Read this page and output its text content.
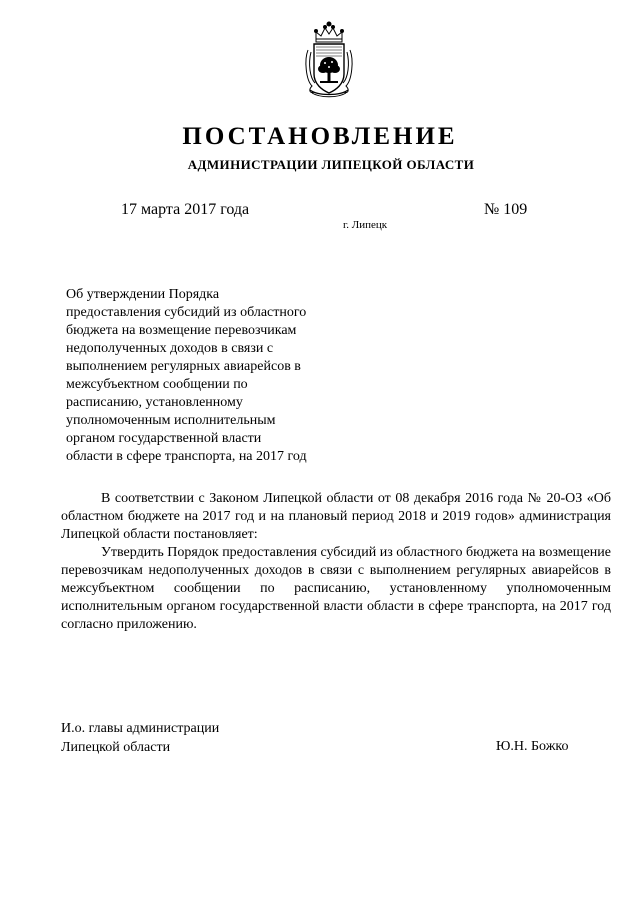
ПОСТАНОВЛЕНИЕ
АДМИНИСТРАЦИИ ЛИПЕЦКОЙ ОБЛАСТИ
17 марта 2017 года	№ 109
г. Липецк
Об утверждении Порядка
предоставления субсидий из областного
бюджета на возмещение перевозчикам
недополученных доходов в связи с
выполнением регулярных авиарейсов в
межсубъектном сообщении по
расписанию, установленному
уполномоченным исполнительным
органом государственной власти
области в сфере транспорта, на 2017 год

В соответствии с Законом Липецкой области от 08 декабря 2016 года № 20-ОЗ «Об областном бюджете на 2017 год и на плановый период 2018 и 2019 годов» администрация Липецкой области постановляет:

Утвердить Порядок предоставления субсидий из областного бюджета на возмещение перевозчикам недополученных доходов в связи с выполнением регулярных авиарейсов в межсубъектном сообщении по расписанию, установленному уполномоченным исполнительным органом государственной власти области в сфере транспорта, на 2017 год согласно приложению.

И.о. главы администрации
Липецкой области	Ю.Н. Божко
